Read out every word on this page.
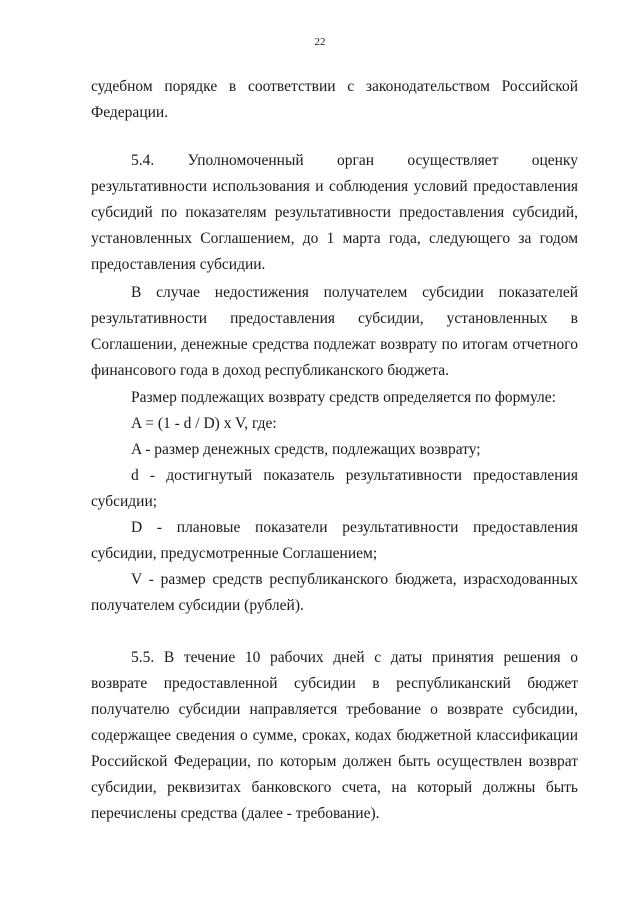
22

судебном порядке в соответствии с законодательством Российской Федерации.

5.4. Уполномоченный орган осуществляет оценку результативности использования и соблюдения условий предоставления субсидий по показателям результативности предоставления субсидий, установленных Соглашением, до 1 марта года, следующего за годом предоставления субсидии.

В случае недостижения получателем субсидии показателей результативности предоставления субсидии, установленных в Соглашении, денежные средства подлежат возврату по итогам отчетного финансового года в доход республиканского бюджета.

Размер подлежащих возврату средств определяется по формуле:

A = (1 - d / D) x V, где:

A - размер денежных средств, подлежащих возврату;

d - достигнутый показатель результативности предоставления субсидии;

D - плановые показатели результативности предоставления субсидии, предусмотренные Соглашением;

V - размер средств республиканского бюджета, израсходованных получателем субсидии (рублей).

5.5. В течение 10 рабочих дней с даты принятия решения о возврате предоставленной субсидии в республиканский бюджет получателю субсидии направляется требование о возврате субсидии, содержащее сведения о сумме, сроках, кодах бюджетной классификации Российской Федерации, по которым должен быть осуществлен возврат субсидии, реквизитах банковского счета, на который должны быть перечислены средства (далее - требование).
